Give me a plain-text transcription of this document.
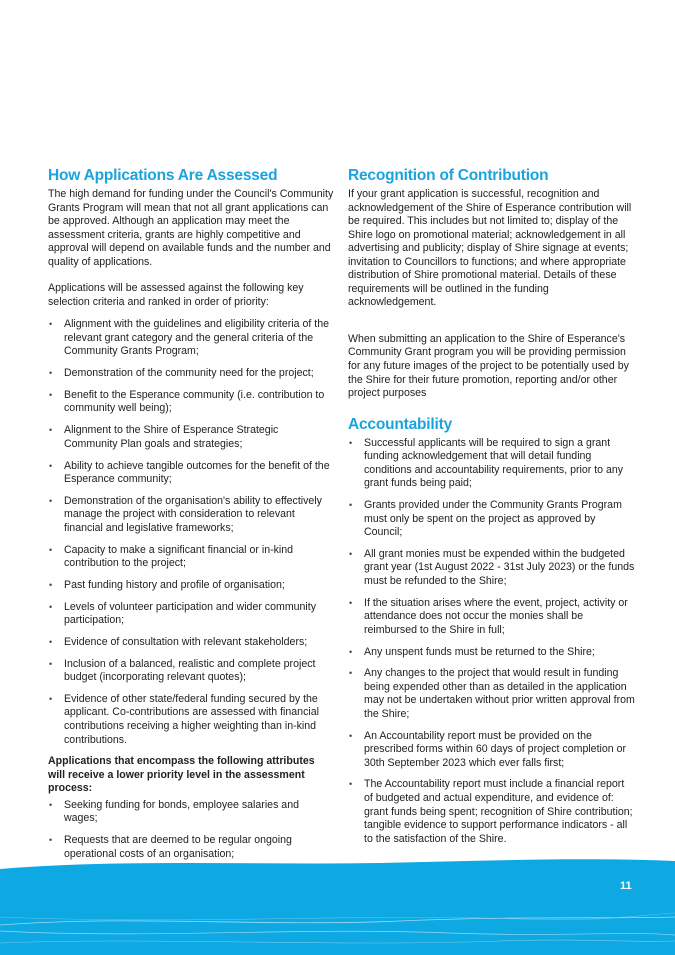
How Applications Are Assessed

The high demand for funding under the Council's Community Grants Program will mean that not all grant applications can be approved. Although an application may meet the assessment criteria, grants are highly competitive and approval will depend on available funds and the number and quality of applications.

Applications will be assessed against the following key selection criteria and ranked in order of priority:

• Alignment with the guidelines and eligibility criteria of the relevant grant category and the general criteria of the Community Grants Program;
• Demonstration of the community need for the project;
• Benefit to the Esperance community (i.e. contribution to community well being);
• Alignment to the Shire of Esperance Strategic Community Plan goals and strategies;
• Ability to achieve tangible outcomes for the benefit of the Esperance community;
• Demonstration of the organisation's ability to effectively manage the project with consideration to relevant financial and legislative frameworks;
• Capacity to make a significant financial or in-kind contribution to the project;
• Past funding history and profile of organisation;
• Levels of volunteer participation and wider community participation;
• Evidence of consultation with relevant stakeholders;
• Inclusion of a balanced, realistic and complete project budget (incorporating relevant quotes);
• Evidence of other state/federal funding secured by the applicant. Co-contributions are assessed with financial contributions receiving a higher weighting than in-kind contributions.

Applications that encompass the following attributes will receive a lower priority level in the assessment process:

• Seeking funding for bonds, employee salaries and wages;
• Requests that are deemed to be regular ongoing operational costs of an organisation;
•
Recognition of Contribution

If your grant application is successful, recognition and acknowledgement of the Shire of Esperance contribution will be required. This includes but not limited to; display of the Shire logo on promotional material; acknowledgement in all advertising and publicity; display of Shire signage at events; invitation to Councillors to functions; and where appropriate distribution of Shire promotional material. Details of these requirements will be outlined in the funding acknowledgement.

When submitting an application to the Shire of Esperance's Community Grant program you will be providing permission for any future images of the project to be potentially used by the Shire for their future promotion, reporting and/or other project purposes

Accountability
• Successful applicants will be required to sign a grant funding acknowledgement that will detail funding conditions and accountability requirements, prior to any grant funds being paid;
• Grants provided under the Community Grants Program must only be spent on the project as approved by Council;
• All grant monies must be expended within the budgeted grant year (1st August 2022 - 31st July 2023) or the funds must be refunded to the Shire;
• If the situation arises where the event, project, activity or attendance does not occur the monies shall be reimbursed to the Shire in full;
• Any unspent funds must be returned to the Shire;
• Any changes to the project that would result in funding being expended other than as detailed in the application may not be undertaken without prior written approval from the Shire;
• An Accountability report must be provided on the prescribed forms within 60 days of project completion or 30th September 2023 which ever falls first;
• The Accountability report must include a financial report of budgeted and actual expenditure, and evidence of: grant funds being spent; recognition of Shire contribution; tangible evidence to support performance indicators - all to the satisfaction of the Shire.
11
